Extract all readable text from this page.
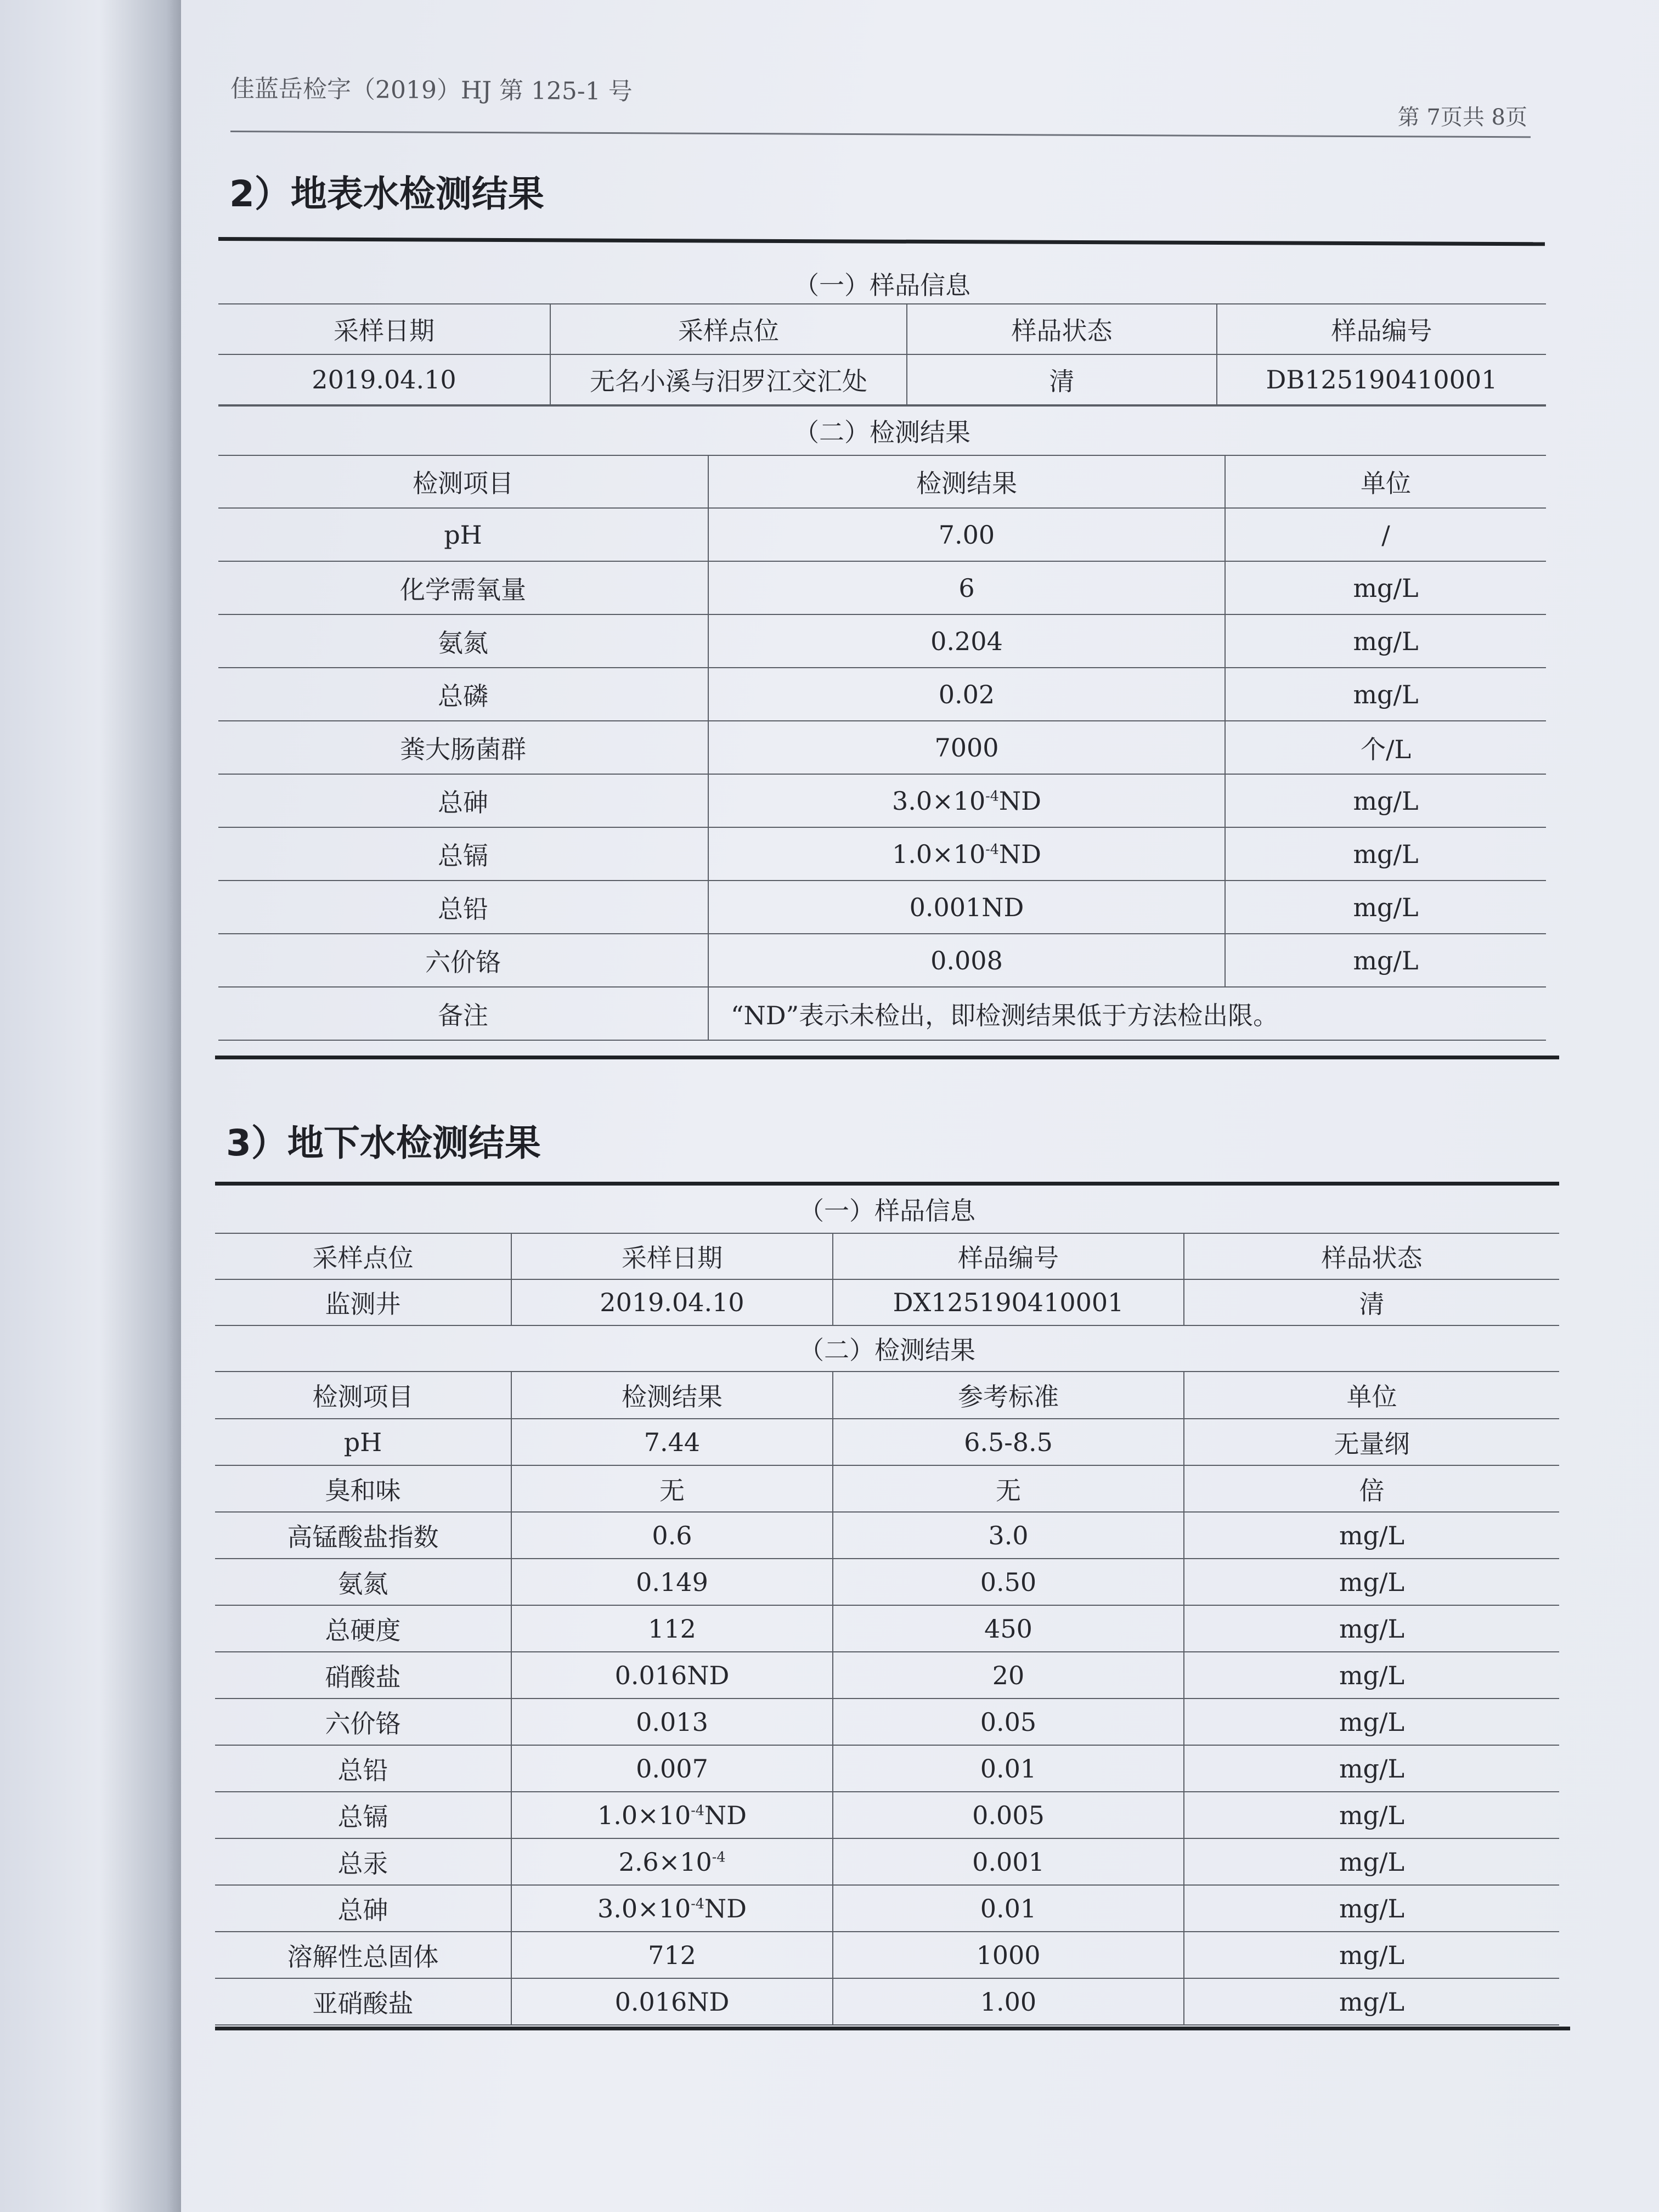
佳蓝岳检字（2019）HJ 第 125-1 号
第 7页共 8页
2）地表水检测结果
（一）样品信息			
采样日期	采样点位	样品状态	样品编号
2019.04.10	无名小溪与汨罗江交汇处	清	DB125190410001
（二）检测结果		
检测项目	检测结果	单位
pH	7.00	/
化学需氧量	6	mg/L
氨氮	0.204	mg/L
总磷	0.02	mg/L
粪大肠菌群	7000	个/L
总砷	$3.0\times 10^{-4}ND$	mg/L
总镉	$1.0\times 10^{-4}ND$	mg/L
总铅	0.001ND	mg/L
六价铬	0.008	mg/L
备注	“ND”表示未检出，即检测结果低于方法检出限。	
3）地下水检测结果
（一）样品信息			
采样点位	采样日期	样品编号	样品状态
监测井	2019.04.10	DX125190410001	清
（二）检测结果			
检测项目	检测结果	参考标准	单位
pH	7.44	6.5-8.5	无量纲
臭和味	无	无	倍
高锰酸盐指数	0.6	3.0	mg/L
氨氮	0.149	0.50	mg/L
总硬度	112	450	mg/L
硝酸盐	0.016ND	20	mg/L
六价铬	0.013	0.05	mg/L
总铅	0.007	0.01	mg/L
总镉	$1.0\times 10^{-4}ND$	0.005	mg/L
总汞	$2.6\times 10^{-4}$	0.001	mg/L
总砷	$3.0\times 10^{-4}ND$	0.01	mg/L
溶解性总固体	712	1000	mg/L
亚硝酸盐	0.016ND	1.00	mg/L
